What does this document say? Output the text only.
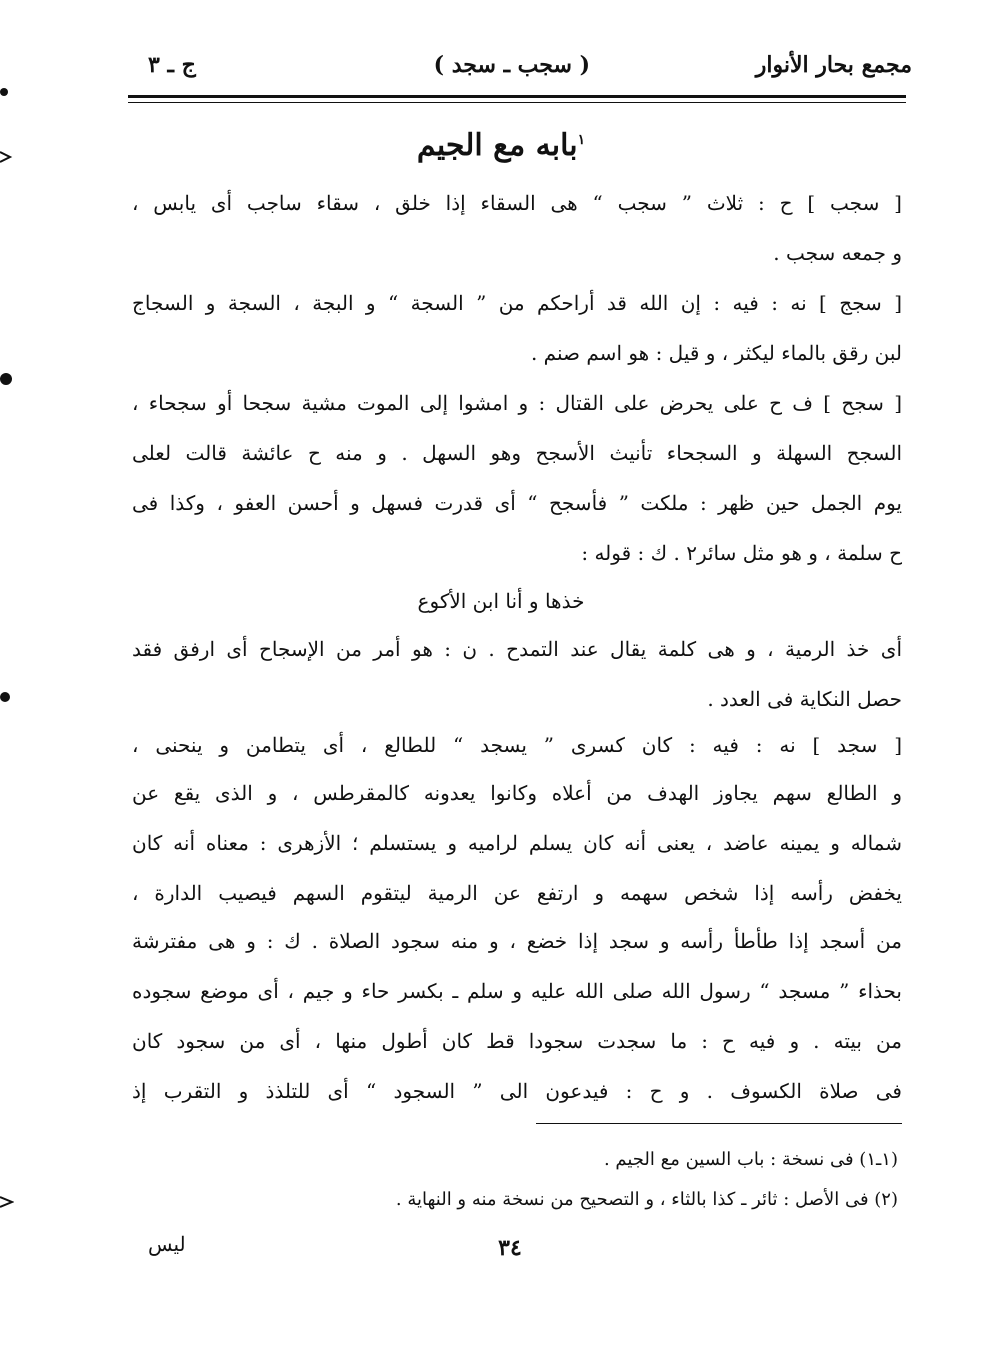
مجمع بحار الأنوار
( سجب ـ سجد )
ج ـ ٣
$^١$بابه مع الجيم
[ سجب ] ح : ثلاث ” سجب “ هى السقاء إذا خلق ، سقاء ساجب أى يابس ،
و جمعه سجب .
[ سجج ] نه : فيه : إن الله قد أراحكم من ” السجة “ و البجة ، السجة و السجاج
لبن رقق بالماء ليكثر ، و قيل : هو اسم صنم .
[ سجح ] ف ح على يحرض على القتال : و امشوا إلى الموت مشية سجحا أو سجحاء ،
السجح السهلة و السجحاء تأنيث الأسجح وهو السهل . و منه ح عائشة قالت لعلى
يوم الجمل حين ظهر : ملكت ” فأسجح “ أى قدرت فسهل و أحسن العفو ، وكذا فى
ح سلمة ، و هو مثل سائر٢ . ك : قوله :
خذها و أنا ابن الأكوع
أى خذ الرمية ، و هى كلمة يقال عند التمدح . ن : هو أمر من الإسجاح أى ارفق فقد
حصل النكاية فى العدد .
[ سجد ] نه : فيه : كان كسرى ” يسجد “ للطالع ، أى يتطامن و ينحنى ،
و الطالع سهم يجاوز الهدف من أعلاه وكانوا يعدونه كالمقرطس ، و الذى يقع عن
شماله و يمينه عاضد ، يعنى أنه كان يسلم لراميه و يستسلم ؛ الأزهرى : معناه أنه كان
يخفض رأسه إذا شخص سهمه و ارتفع عن الرمية ليتقوم السهم فيصيب الدارة ،
من أسجد إذا طأطأ رأسه و سجد إذا خضع ، و منه سجود الصلاة . ك : و هى مفترشة
بحذاء ” مسجد “ رسول الله صلى الله عليه و سلم ـ بكسر حاء و جيم ، أى موضع سجوده
من بيته . و فيه ح : ما سجدت سجودا قط كان أطول منها ، أى من سجود كان
فى صلاة الكسوف . و ح : فيدعون الى ” السجود “ أى للتلذذ و التقرب إذ
(١ـ١) فى نسخة : باب السين مع الجيم .
(٢) فى الأصل : ثائر ـ كذا بالثاء ، و التصحيح من نسخة منه و النهاية .
٣٤
ليس
